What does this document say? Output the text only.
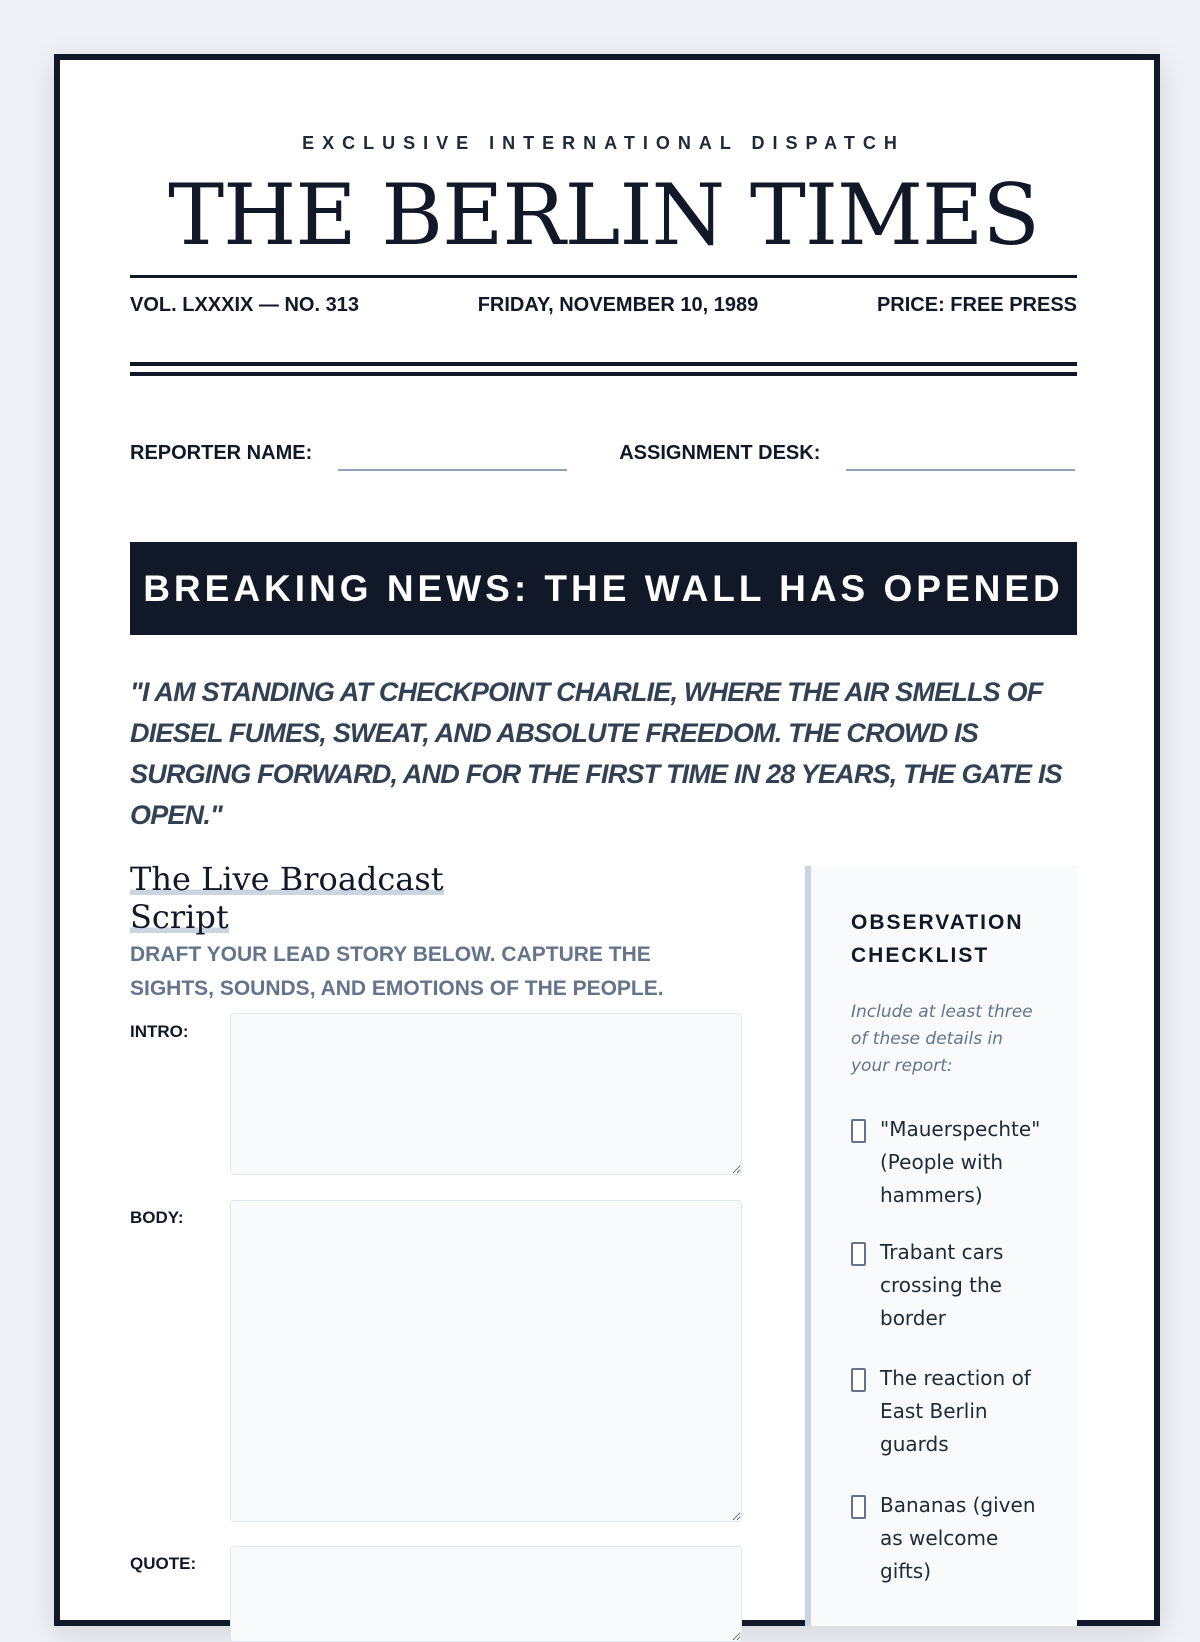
EXCLUSIVE INTERNATIONAL DISPATCH
THE BERLIN TIMES
VOL. LXXXIX — NO. 313	FRIDAY, NOVEMBER 10, 1989	PRICE: FREE PRESS
REPORTER NAME:	ASSIGNMENT DESK:
BREAKING NEWS: THE WALL HAS OPENED
"I AM STANDING AT CHECKPOINT CHARLIE, WHERE THE AIR SMELLS OF DIESEL FUMES, SWEAT, AND ABSOLUTE FREEDOM. THE CROWD IS SURGING FORWARD, AND FOR THE FIRST TIME IN 28 YEARS, THE GATE IS OPEN."
The Live Broadcast Script
DRAFT YOUR LEAD STORY BELOW. CAPTURE THE SIGHTS, SOUNDS, AND EMOTIONS OF THE PEOPLE.
INTRO:
BODY:
QUOTE:
OBSERVATION CHECKLIST
Include at least three of these details in your report:
"Mauerspechte" (People with hammers)
Trabant cars crossing the border
The reaction of East Berlin guards
Bananas (given as welcome gifts)
